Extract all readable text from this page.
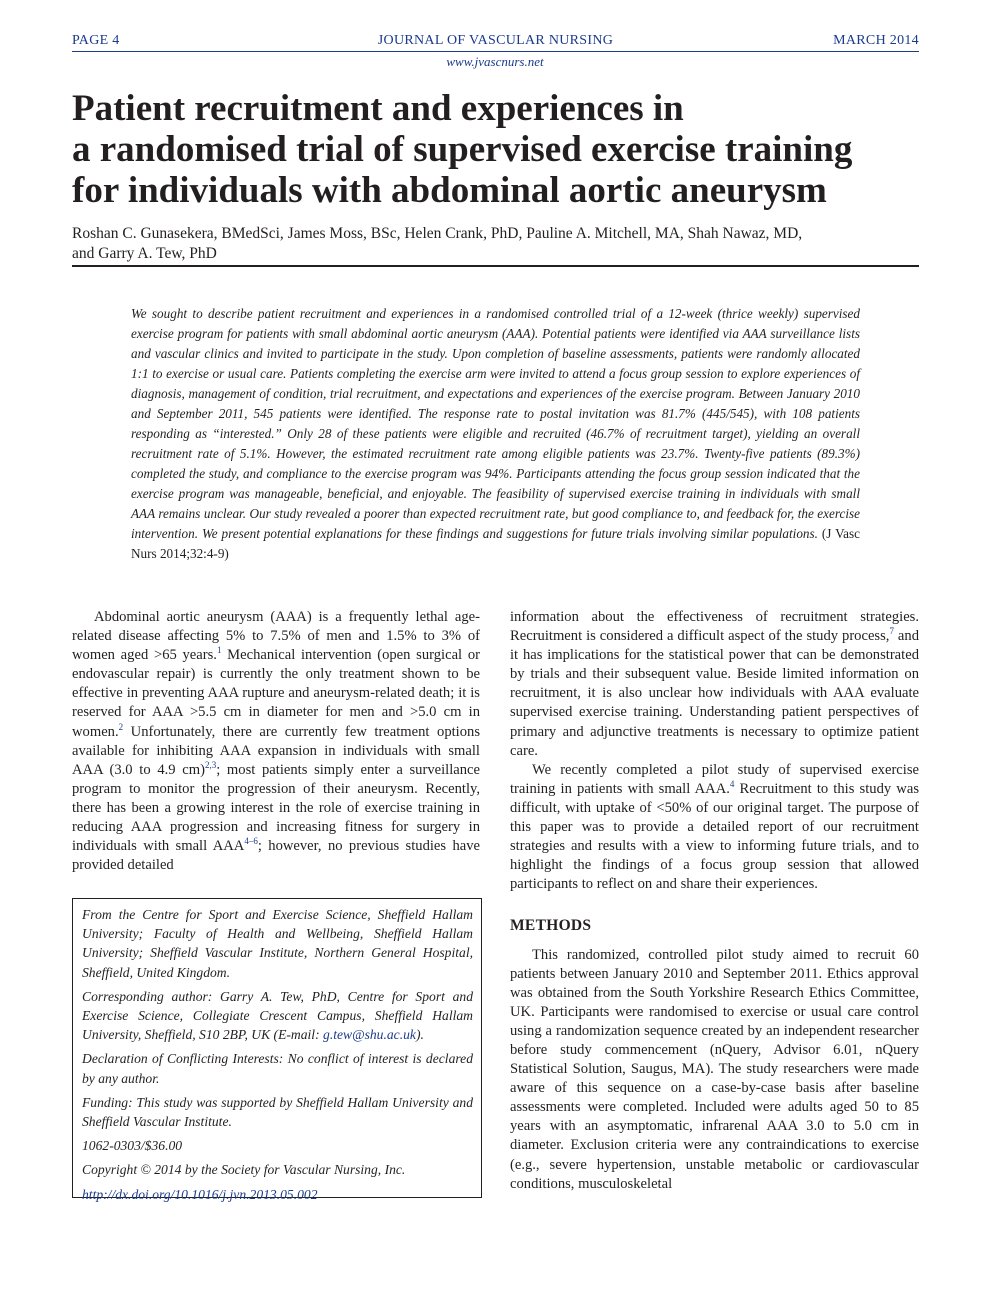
PAGE 4	JOURNAL OF VASCULAR NURSING	MARCH 2014
www.jvascnurs.net
Patient recruitment and experiences in
a randomised trial of supervised exercise training
for individuals with abdominal aortic aneurysm
Roshan C. Gunasekera, BMedSci, James Moss, BSc, Helen Crank, PhD, Pauline A. Mitchell, MA, Shah Nawaz, MD,
and Garry A. Tew, PhD
We sought to describe patient recruitment and experiences in a randomised controlled trial of a 12-week (thrice weekly) supervised exercise program for patients with small abdominal aortic aneurysm (AAA). Potential patients were identified via AAA surveillance lists and vascular clinics and invited to participate in the study. Upon completion of baseline assessments, patients were randomly allocated 1:1 to exercise or usual care. Patients completing the exercise arm were invited to attend a focus group session to explore experiences of diagnosis, management of condition, trial recruitment, and expectations and experiences of the exercise program. Between January 2010 and September 2011, 545 patients were identified. The response rate to postal invitation was 81.7% (445/545), with 108 patients responding as “interested.” Only 28 of these patients were eligible and recruited (46.7% of recruitment target), yielding an overall recruitment rate of 5.1%. However, the estimated recruitment rate among eligible patients was 23.7%. Twenty-five patients (89.3%) completed the study, and compliance to the exercise program was 94%. Participants attending the focus group session indicated that the exercise program was manageable, beneficial, and enjoyable. The feasibility of supervised exercise training in individuals with small AAA remains unclear. Our study revealed a poorer than expected recruitment rate, but good compliance to, and feedback for, the exercise intervention. We present potential explanations for these findings and suggestions for future trials involving similar populations. (J Vasc Nurs 2014;32:4-9)

Abdominal aortic aneurysm (AAA) is a frequently lethal age-related disease affecting 5% to 7.5% of men and 1.5% to 3% of women aged >65 years.$^1$ Mechanical intervention (open surgical or endovascular repair) is currently the only treatment shown to be effective in preventing AAA rupture and aneurysm-related death; it is reserved for AAA >5.5 cm in diameter for men and >5.0 cm in women.$^2$ Unfortunately, there are currently few treatment options available for inhibiting AAA expansion in individuals with small AAA (3.0 to 4.9 cm)$^{2,3}$; most patients simply enter a surveillance program to monitor the progression of their aneurysm. Recently, there has been a growing interest in the role of exercise training in reducing AAA progression and increasing fitness for surgery in individuals with small AAA$^{4-6}$; however, no previous studies have provided detailed

From the Centre for Sport and Exercise Science, Sheffield Hallam University; Faculty of Health and Wellbeing, Sheffield Hallam University; Sheffield Vascular Institute, Northern General Hospital, Sheffield, United Kingdom.

Corresponding author: Garry A. Tew, PhD, Centre for Sport and Exercise Science, Collegiate Crescent Campus, Sheffield Hallam University, Sheffield, S10 2BP, UK (E-mail: g.tew@shu.ac.uk).

Declaration of Conflicting Interests: No conflict of interest is declared by any author.

Funding: This study was supported by Sheffield Hallam University and Sheffield Vascular Institute.

1062-0303/$36.00

Copyright © 2014 by the Society for Vascular Nursing, Inc.

http://dx.doi.org/10.1016/j.jvn.2013.05.002

information about the effectiveness of recruitment strategies. Recruitment is considered a difficult aspect of the study process,$^7$ and it has implications for the statistical power that can be demonstrated by trials and their subsequent value. Beside limited information on recruitment, it is also unclear how individuals with AAA evaluate supervised exercise training. Understanding patient perspectives of primary and adjunctive treatments is necessary to optimize patient care.

We recently completed a pilot study of supervised exercise training in patients with small AAA.$^4$ Recruitment to this study was difficult, with uptake of <50% of our original target. The purpose of this paper was to provide a detailed report of our recruitment strategies and results with a view to informing future trials, and to highlight the findings of a focus group session that allowed participants to reflect on and share their experiences.

METHODS

This randomized, controlled pilot study aimed to recruit 60 patients between January 2010 and September 2011. Ethics approval was obtained from the South Yorkshire Research Ethics Committee, UK. Participants were randomised to exercise or usual care control using a randomization sequence created by an independent researcher before study commencement (nQuery, Advisor 6.01, nQuery Statistical Solution, Saugus, MA). The study researchers were made aware of this sequence on a case-by-case basis after baseline assessments were completed. Included were adults aged 50 to 85 years with an asymptomatic, infrarenal AAA 3.0 to 5.0 cm in diameter. Exclusion criteria were any contraindications to exercise (e.g., severe hypertension, unstable metabolic or cardiovascular conditions, musculoskeletal
